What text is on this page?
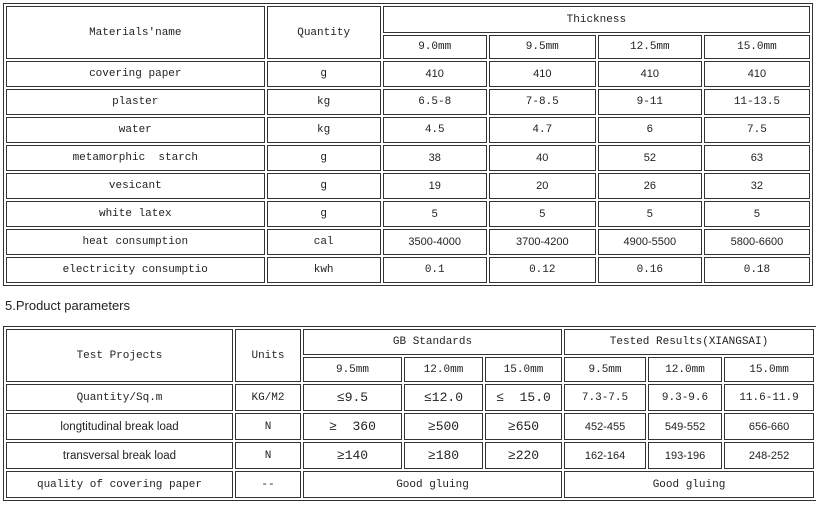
Materials'name	Quantity	Thickness			
		9.0mm	9.5mm	12.5mm	15.0mm
covering paper	g	410	410	410	410
plaster	kg	6.5-8	7-8.5	9-11	11-13.5
water	kg	4.5	4.7	6	7.5
metamorphic  starch	g	38	40	52	63
vesicant	g	19	20	26	32
white latex	g	5	5	5	5
heat consumption	cal	3500-4000	3700-4200	4900-5500	5800-6600
electricity consumptio	kwh	0.1	0.12	0.16	0.18
5.Product parameters
Test Projects	Units	GB Standards			Tested Results(XIANGSAI)		
		9.5mm	12.0mm	15.0mm	9.5mm	12.0mm	15.0mm
Quantity/Sq.m	KG/M2	≤9.5	≤12.0	≤  15.0	7.3-7.5	9.3-9.6	11.6-11.9
longtitudinal break load	N	≥  360	≥500	≥650	452-455	549-552	656-660
transversal break load	N	≥140	≥180	≥220	162-164	193-196	248-252
quality of covering paper	--	Good gluing			Good gluing		
